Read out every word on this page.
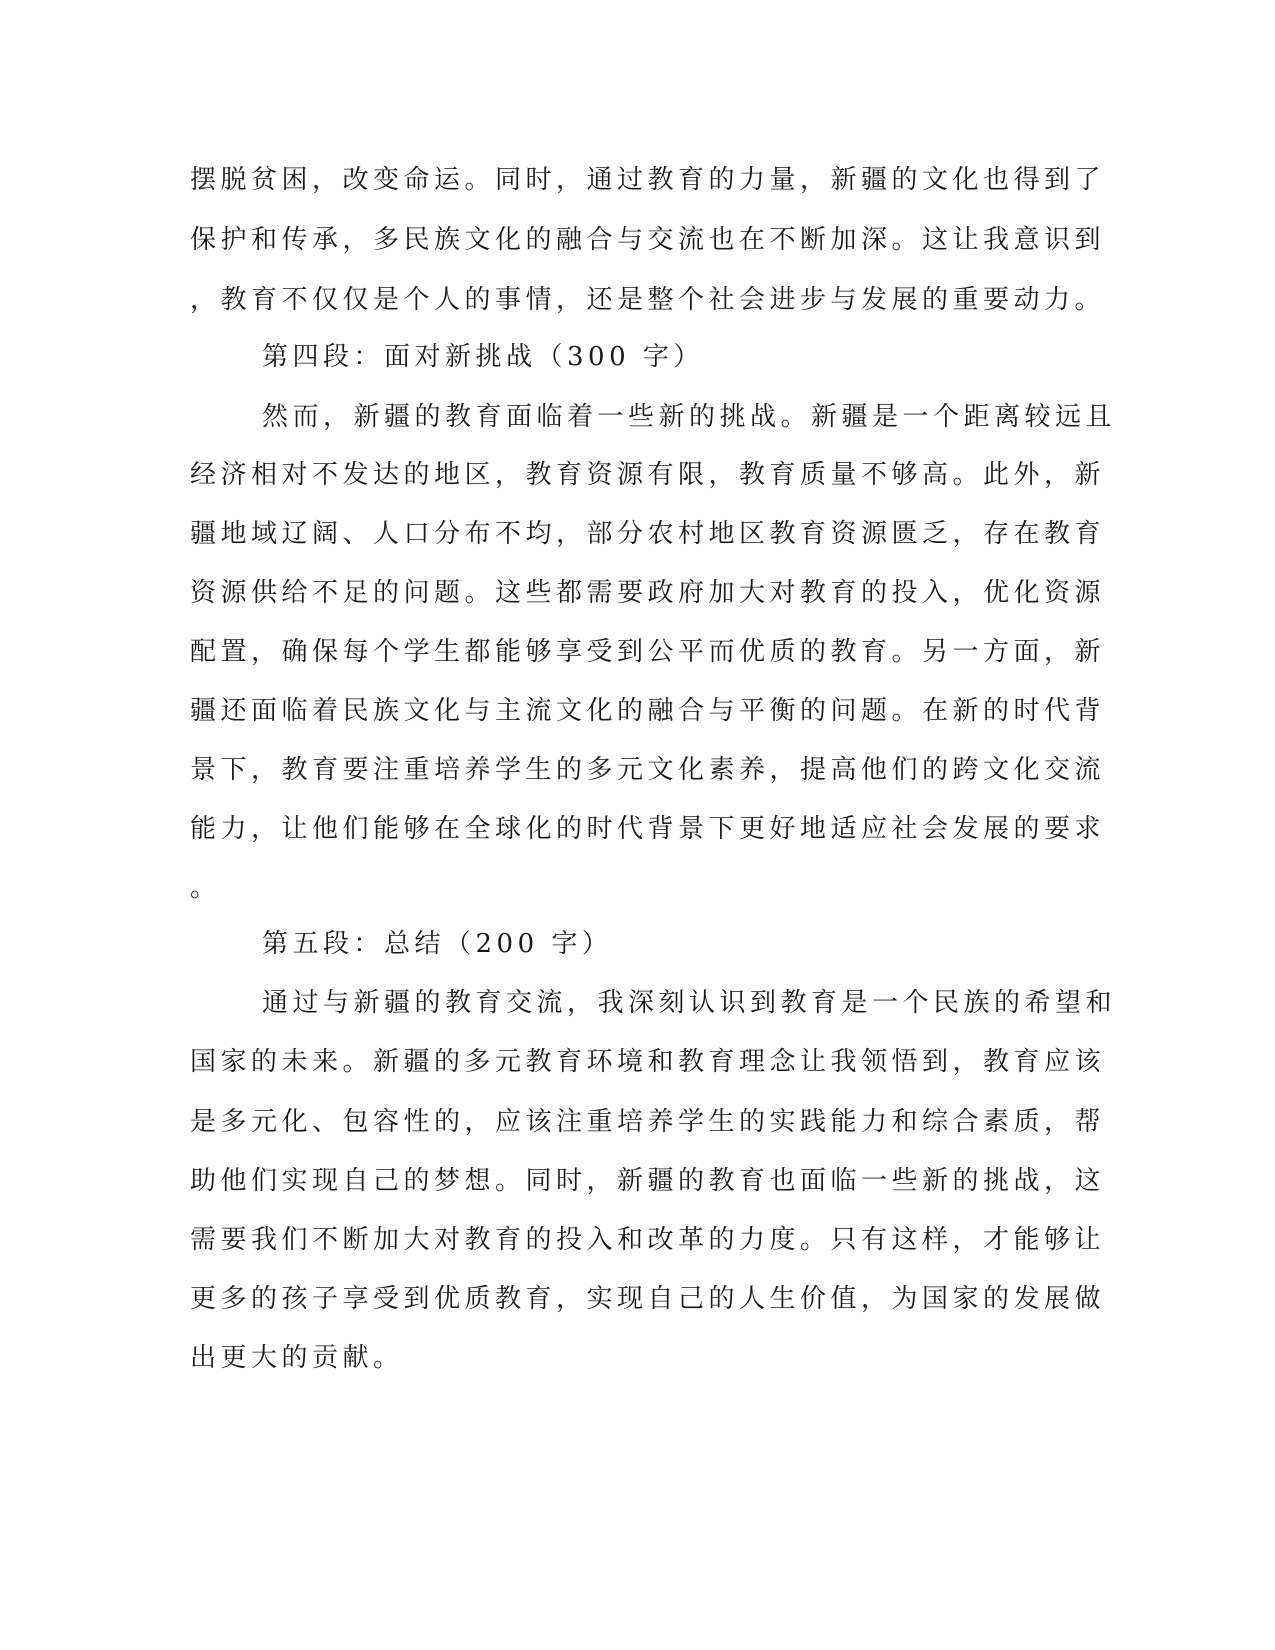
摆脱贫困，改变命运。同时，通过教育的力量，新疆的文化也得到了
保护和传承，多民族文化的融合与交流也在不断加深。这让我意识到
，教育不仅仅是个人的事情，还是整个社会进步与发展的重要动力。
第四段：面对新挑战（300 字）
然而，新疆的教育面临着一些新的挑战。新疆是一个距离较远且
经济相对不发达的地区，教育资源有限，教育质量不够高。此外，新
疆地域辽阔、人口分布不均，部分农村地区教育资源匮乏，存在教育
资源供给不足的问题。这些都需要政府加大对教育的投入，优化资源
配置，确保每个学生都能够享受到公平而优质的教育。另一方面，新
疆还面临着民族文化与主流文化的融合与平衡的问题。在新的时代背
景下，教育要注重培养学生的多元文化素养，提高他们的跨文化交流
能力，让他们能够在全球化的时代背景下更好地适应社会发展的要求
。
第五段：总结（200 字）
通过与新疆的教育交流，我深刻认识到教育是一个民族的希望和
国家的未来。新疆的多元教育环境和教育理念让我领悟到，教育应该
是多元化、包容性的，应该注重培养学生的实践能力和综合素质，帮
助他们实现自己的梦想。同时，新疆的教育也面临一些新的挑战，这
需要我们不断加大对教育的投入和改革的力度。只有这样，才能够让
更多的孩子享受到优质教育，实现自己的人生价值，为国家的发展做
出更大的贡献。
